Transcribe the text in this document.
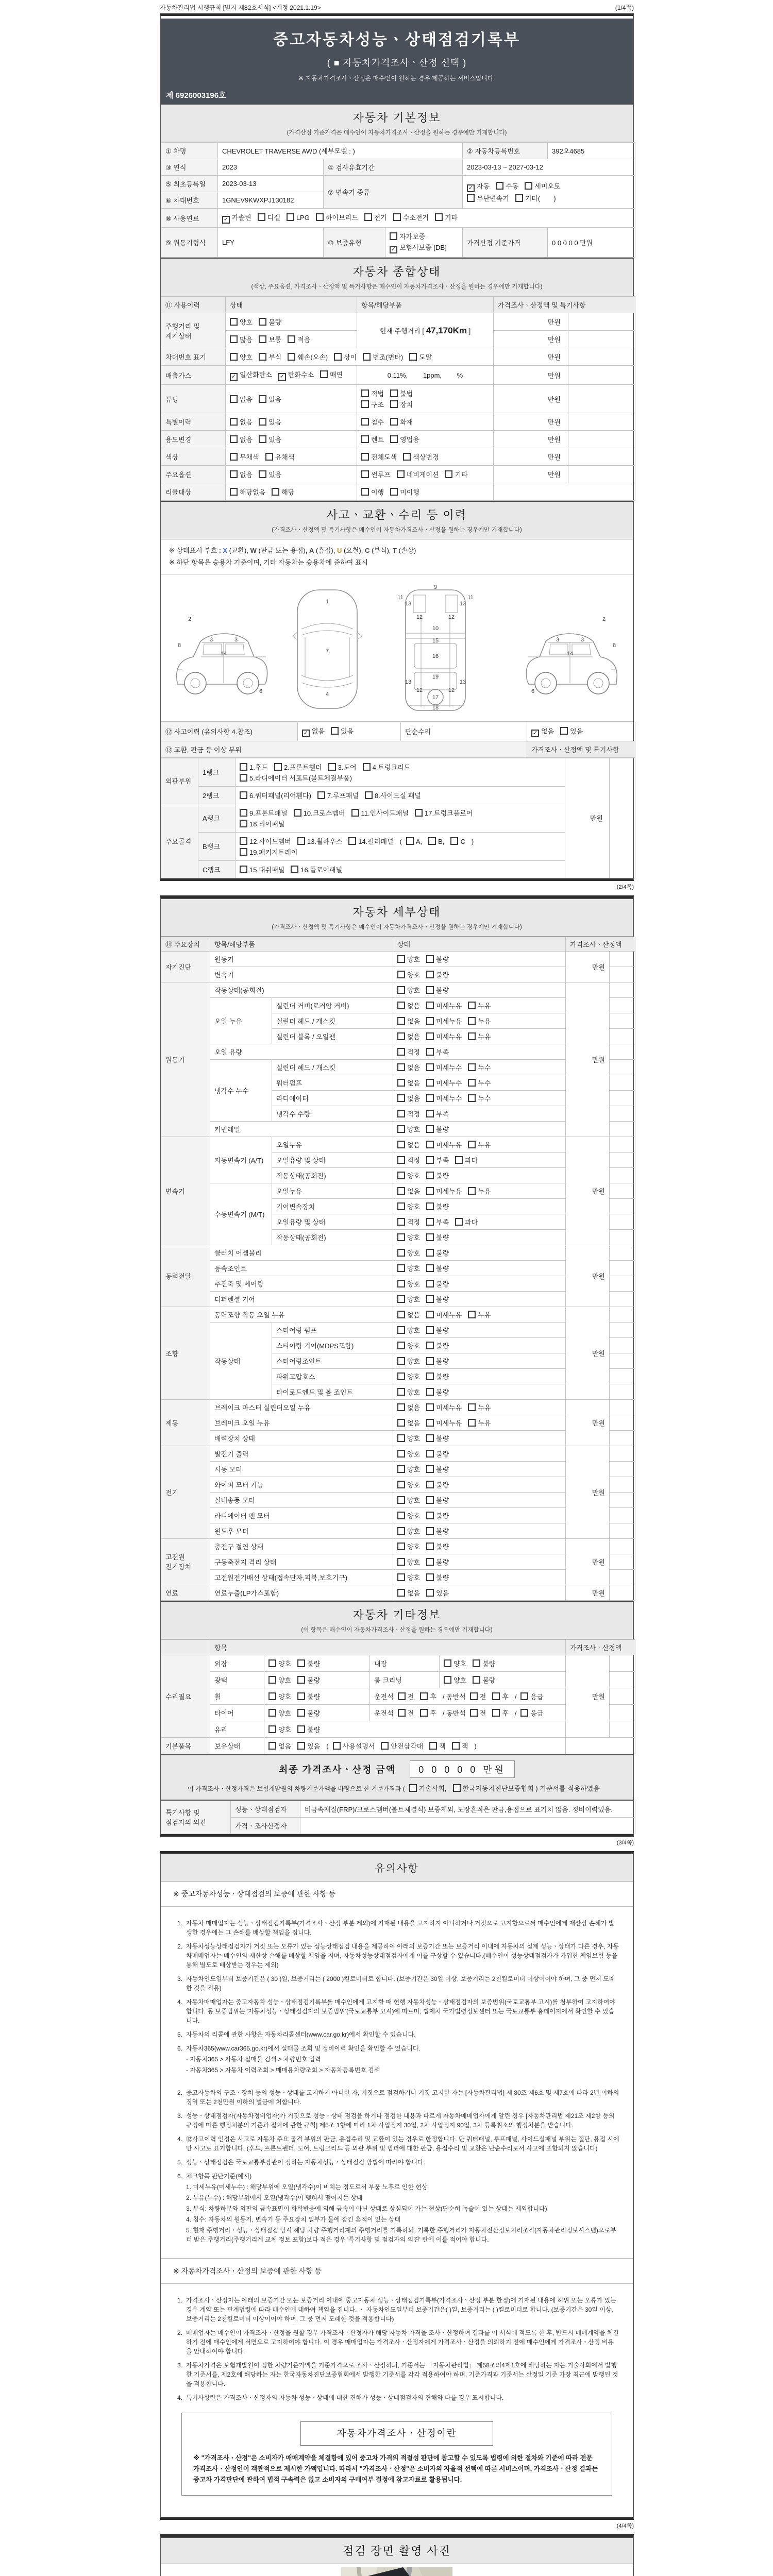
자동차관리법 시행규칙 [별지 제82호서식] <개정 2021.1.19>	(1/4쪽)
중고자동차성능ㆍ상태점검기록부
( ■ 자동차가격조사ㆍ산정 선택 )
※ 자동차가격조사ㆍ산정은 매수인이 원하는 경우 제공하는 서비스입니다.
제 6926003196호
자동차 기본정보
(가격산정 기준가격은 매수인이 자동차가격조사ㆍ산정을 원하는 경우에만 기재합니다)
① 차명	CHEVROLET TRAVERSE AWD (세부모델 : )			② 자동차등록번호	392오4685
③ 연식	2023	④ 검사유효기간		2023-03-13 ~ 2027-03-12	
⑤ 최초등록일	2023-03-13	⑦ 변속기 종류		✓ 자동 수동 세미오토
무단변속기 기타(  )	
⑥ 차대번호	1GNEV9KWXPJ130182				
⑧ 사용연료	✓ 가솔린 디젤 LPG 하이브리드 전기 수소전기 기타				
⑨ 원동기형식	LFY	⑩ 보증유형	자가보증✓ 보험사보증 [DB]	가격산정 기준가격	0 0 0 0 0 만원
자동차 종합상태
(색상, 주요옵션, 가격조사ㆍ산정액 및 특기사항은 매수인이 자동차가격조사ㆍ산정을 원하는 경우에만 기재합니다)
⑪ 사용이력	상태	항목/해당부품	가격조사ㆍ산정액 및 특기사항	
주행거리 및 계기상태	양호 불량	현재 주행거리 [ 47,170Km ]	만원	
	많음 보통 적음		만원	
차대번호 표기	양호 부식 훼손(오손) 상이 변조(변타) 도말		만원	
배출가스	✓ 일산화탄소 ✓ 탄화수소 매연	0.11%,   1ppm,   %	만원	
튜닝	없음 있음	적법 불법구조 장치	만원	
특별이력	없음 있음	침수 화재	만원	
용도변경	없음 있음	렌트 영업용	만원	
색상	무채색 유채색	전체도색 색상변경	만원	
주요옵션	없음 있음	썬루프 네비게이션 기타	만원	
리콜대상	해당없음 해당	이행 미이행		
사고ㆍ교환ㆍ수리 등 이력
(가격조사ㆍ산정액 및 특기사항은 매수인이 자동차가격조사ㆍ산정을 원하는 경우에만 기재합니다)
※ 상태표시 부호 : X (교환), W (판금 또는 용접), A (흠집), U (요철), C (부식), T (손상)
※ 하단 항목은 승용차 기준이며, 기타 자동차는 승용차에 준하여 표시
2
8
3	3
14
6
1
7
4
9
11	11
13
12	12
13
10
15
16
19
13
12	12
13
17
18
2
8
3
3
14
6
⑫ 사고이력 (유의사항 4.참조)	✓ 없음 있음	단순수리	✓ 없음 있음
⑬ 교환, 판금 등 이상 부위			가격조사ㆍ산정액 및 특기사항
외판부위	1랭크	1.후드 2.프론트휀더 3.도어 4.트렁크리드
5.라디에이터 서포트(볼트체결부품)	만원	
	2랭크	6.쿼터패널(리어휀다) 7.루프패널 8.사이드실 패널		
주요골격	A랭크	9.프론트패널 10.크로스멤버 11.인사이드패널 17.트렁크플로어
18.리어패널		
	B랭크	12.사이드멤버 13.휠하우스 14.필러패널 ( A, B, C )
19.패키지트레이		
	C랭크	15.대쉬패널 16.플로어패널		
(2/4쪽)
자동차 세부상태
(가격조사ㆍ산정액 및 특기사항은 매수인이 자동차가격조사ㆍ산정을 원하는 경우에만 기재합니다)
⑭ 주요장치	항목/해당부품		상태	가격조사ㆍ산정액	
자기진단	원동기		양호 불량	만원	
	변속기		양호 불량		
원동기	작동상태(공회전)		양호 불량	만원	
	오일 누유	실린더 커버(로커암 커버)	없음 미세누유 누유		
		실린더 헤드 / 개스킷	없음 미세누유 누유		
		실린더 블록 / 오일팬	없음 미세누유 누유		
	오일 유량		적정 부족		
	냉각수 누수	실린더 헤드 / 개스킷	없음 미세누수 누수		
		워터펌프	없음 미세누수 누수		
		라디에이터	없음 미세누수 누수		
		냉각수 수량	적정 부족		
	커먼레일		양호 불량		
변속기	자동변속기 (A/T)	오일누유	없음 미세누유 누유	만원	
		오일유량 및 상태	적정 부족 과다		
		작동상태(공회전)	양호 불량		
	수동변속기 (M/T)	오일누유	없음 미세누유 누유		
		기어변속장치	양호 불량		
		오일유량 및 상태	적정 부족 과다		
		작동상태(공회전)	양호 불량		
동력전달	클러치 어셈블리		양호 불량	만원	
	등속조인트		양호 불량		
	추진축 및 베어링		양호 불량		
	디퍼렌셜 기어		양호 불량		
조향	동력조향 작동 오일 누유		없음 미세누유 누유	만원	
	작동상태	스티어링 펌프	양호 불량		
		스티어링 기어(MDPS포함)	양호 불량		
		스티어링조인트	양호 불량		
		파워고압호스	양호 불량		
		타이로드엔드 및 볼 조인트	양호 불량		
제동	브레이크 마스터 실린더오일 누유		없음 미세누유 누유	만원	
	브레이크 오일 누유		없음 미세누유 누유		
	배력장치 상태		양호 불량		
전기	발전기 출력		양호 불량	만원	
	시동 모터		양호 불량		
	와이퍼 모터 기능		양호 불량		
	실내송풍 모터		양호 불량		
	라디에이터 팬 모터		양호 불량		
	윈도우 모터		양호 불량		
고전원 전기장치	충전구 절연 상태		양호 불량	만원	
	구동축전지 격리 상태		양호 불량		
	고전원전기배선 상태(접속단자,피복,보호기구)		양호 불량		
연료	연료누출(LP가스포함)		없음 있음	만원	
자동차 기타정보
(이 항목은 매수인이 자동차가격조사ㆍ산정을 원하는 경우에만 기재합니다)
	항목				가격조사ㆍ산정액	
수리필요	외장	양호 불량	내장	양호 불량	만원	
	광택	양호 불량	룸 크리닝	양호 불량		
	휠	양호 불량	운전석 전 후 / 동반석 전 후 / 응급			
	타이어	양호 불량	운전석 전 후 / 동반석 전 후 / 응급			
	유리	양호 불량				
기본품목	보유상태	없음 있음 ( 사용설명서 안전삼각대 잭 잭 )				
최종 가격조사ㆍ산정 금액 0 0 0 0 0 만원
이 가격조사ㆍ산정가격은 보험개발원의 차량기준가액을 바탕으로 한 기준가격과 ( 기술사회, 한국자동차진단보증협회 ) 기준서를 적용하였음
특기사항 및 점검자의 의견	성능ㆍ상태점검자	비금속재질(FRP)/크로스멤버(볼트체결식) 보증제외, 도장흔적은 판금,용접으로 표기치 않음. 정비이력있음.
	가격ㆍ조사산정자	
(3/4쪽)
유의사항
※ 중고자동차성능ㆍ상태점검의 보증에 관한 사항 등
1. 자동차 매매업자는 성능ㆍ상태점검기록부(가격조사ㆍ산정 부분 제외)에 기재된 내용을 고지하지 아니하거나 거짓으로 고지함으로써 매수인에게 재산상 손해가 발생한 경우에는 그 손해를 배상할 책임을 집니다.
2. 자동차성능상태점검자가 거짓 또는 오류가 있는 성능상태점검 내용을 제공하여 아래의 보증기간 또는 보증거리 이내에 자동차의 실제 성능ㆍ상태가 다른 경우, 자동차매매업자는 매수인의 재산상 손해를 배상할 책임을 지며, 자동차성능상태점검자에게 이를 구상할 수 있습니다.(매수인이 성능상태점검자가 가입한 책임보험 등을 통해 별도로 배상받는 경우는 제외)
3. 자동차인도일부터 보증기간은 ( 30 )일, 보증거리는 ( 2000 )킬로미터로 합니다. (보증기간은 30일 이상, 보증거리는 2천킬로미터 이상이어야 하며, 그 중 먼저 도래한 것을 적용)
4. 자동차매매업자는 중고자동차 성능ㆍ상태점검기록부를 매수인에게 고지할 때 현행 자동차성능ㆍ상태점검자의 보증범위(국토교통부 고시)를 첨부하여 고지하여야 합니다. 동 보증범위는 '자동차성능ㆍ상태점검자의 보증범위'(국토교통부 고시)에 따르며, 법제처 국가법령정보센터 또는 국토교통부 홈페이지에서 확인할 수 있습니다.
5. 자동차의 리콜에 관한 사항은 자동차리콜센터(www.car.go.kr)에서 확인할 수 있습니다.
6. 자동차365(www.car365.go.kr)에서 실매물 조회 및 정비이력 확인을 확인할 수 있습니다.
- 자동차365 > 자동차 실매물 검색 > 차량번호 입력
- 자동차365 > 자동차 이력조회 > 매매용차량조회 > 자동차등록번호 검색
2. 중고자동차의 구조ㆍ장치 등의 성능ㆍ상태를 고지하지 아니한 자, 거짓으로 점검하거나 거짓 고지한 자는 [자동차관리법] 제 80조 제6호 및 제7호에 따라 2년 이하의 징역 또는 2천만원 이하의 벌금에 처합니다.
3. 성능ㆍ상태점검자(자동차정비업자)가 거짓으로 성능ㆍ상태 점검을 하거나 점검한 내용과 다르게 자동차매매업자에게 알린 경우 [자동차관리법 제21조 제2항 등의 규정에 따른 행정처분의 기준과 절차에 관한 규칙] 제5조 1항에 따라 1차 사업정지 30일, 2차 사업정지 90일, 3차 등록취소의 행정처분을 받습니다.
4. ⑫사고이력 인정은 사고로 자동차 주요 골격 부위의 판금, 용접수리 및 교환이 있는 경우로 한정합니다. 단 쿼터패널, 루프패널, 사이드실패널 부위는 절단, 용접 시에만 사고로 표기합니다. (후드, 프론트펜더, 도어, 트렁크리드 등 외판 부위 및 범퍼에 대한 판금, 용접수리 및 교환은 단순수리로서 사고에 포함되지 않습니다)
5. 성능ㆍ상태점검은 국토교통부장관이 정하는 자동차성능ㆍ상태점검 방법에 따라야 합니다.
6. 체크항목 판단기준(예시)
1. 미세누유(미세누수) : 해당부위에 오일(냉각수)이 비치는 정도로서 부품 노후로 인한 현상
2. 누유(누수) : 해당부위에서 오일(냉각수)이 맺혀서 떨어지는 상태
3. 부식: 차량하부와 외판의 금속표면이 화학반응에 의해 금속이 아닌 상태로 상실되어 가는 현상(단순히 녹슬어 있는 상태는 제외합니다)
4. 침수: 자동차의 원동기, 변속기 등 주요장치 일부가 물에 잠긴 흔적이 있는 상태
5. 현재 주행거리ㆍ성능ㆍ상태점검 당시 해당 차량 주행거리계의 주행거리를 기록하되, 기록한 주행거리가 자동차전산정보처리조직(자동차관리정보시스템)으로부터 받은 주행거리(주행거리계 교체 정보 포함)보다 적은 경우 '특기사항 및 점검자의 의견' 란에 이를 적어야 합니다.
※ 자동차가격조사ㆍ산정의 보증에 관한 사항 등
1. 가격조사ㆍ산정자는 아래의 보증기간 또는 보증거리 이내에 중고자동차 성능ㆍ상태점검기록부(가격조사ㆍ산정 부분 한정)에 기재된 내용에 허위 또는 오류가 있는 경우 계약 또는 관계법령에 따라 매수인에 대하여 책임을 집니다. ㆍ 자동차인도일부터 보증기간은( )일, 보증거리는 ( )킬로미터로 합니다. (보증기간은 30일 이상, 보증거리는 2천킬로미터 이상이어야 하며, 그 중 먼저 도래한 것을 적용합니다)
2. 매매업자는 매수인이 가격조사ㆍ산정을 원할 경우 가격조사ㆍ산정자가 해당 자동차 가격을 조사ㆍ산정하여 결과를 이 서식에 적도록 한 후, 반드시 매매계약을 체결하기 전에 매수인에게 서면으로 고지하여야 합니다. 이 경우 매매업자는 가격조사ㆍ산정자에게 가격조사ㆍ산정을 의뢰하기 전에 매수인에게 가격조사ㆍ산정 비용을 안내하여야 합니다.
3. 자동차가격은 보험개발원이 정한 차량기준가액을 기준가격으로 조사ㆍ산정하되, 기준서는 「자동차관리법」 제58조의4제1호에 해당하는 자는 기술사회에서 발행한 기준서를, 제2호에 해당하는 자는 한국자동차진단보증협회에서 발행한 기준서를 각각 적용하여야 하며, 기준가격과 기준서는 산정일 기준 가장 최근에 발행된 것을 적용합니다.
4. 특기사항란은 가격조사ㆍ산정자의 자동차 성능ㆍ상태에 대한 견해가 성능ㆍ상태점검자의 견해와 다를 경우 표시합니다.
자동차가격조사ㆍ산정이란
※ "가격조사ㆍ산정"은 소비자가 매매계약을 체결함에 있어 중고차 가격의 적절성 판단에 참고할 수 있도록 법령에 의한 절차와 기준에 따라 전문 가격조사ㆍ산정인이 객관적으로 제시한 가액입니다. 따라서 "가격조사ㆍ산정"은 소비자의 자율적 선택에 따른 서비스이며, 가격조사ㆍ산정 결과는 중고차 가격판단에 관하여 법적 구속력은 없고 소비자의 구매여부 결정에 참고자료로 활용됩니다.
(4/4쪽)
점검 장면 촬영 사진
